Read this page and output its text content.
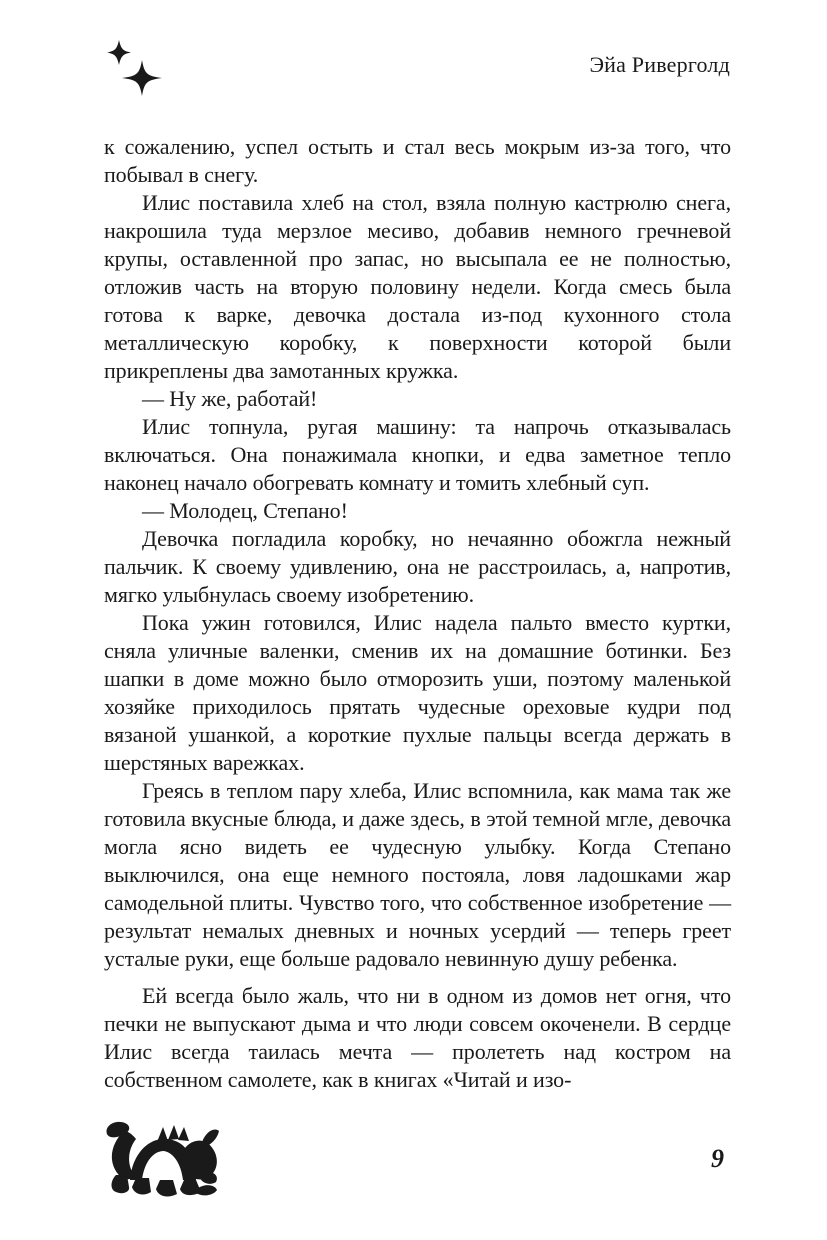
Эйа Риверголд

к сожалению, успел остыть и стал весь мокрым из-за того, что побывал в снегу.

Илис поставила хлеб на стол, взяла полную кастрюлю снега, накрошила туда мерзлое месиво, добавив немного гречневой крупы, оставленной про запас, но высыпала ее не полностью, отложив часть на вторую половину недели. Когда смесь была готова к варке, девочка достала из-под кухонного стола металлическую коробку, к поверхности которой были прикреплены два замотанных кружка.

— Ну же, работай!

Илис топнула, ругая машину: та напрочь отказывалась включаться. Она понажимала кнопки, и едва заметное тепло наконец начало обогревать комнату и томить хлебный суп.

— Молодец, Степано!

Девочка погладила коробку, но нечаянно обожгла нежный пальчик. К своему удивлению, она не расстроилась, а, напротив, мягко улыбнулась своему изобретению.

Пока ужин готовился, Илис надела пальто вместо куртки, сняла уличные валенки, сменив их на домашние ботинки. Без шапки в доме можно было отморозить уши, поэтому маленькой хозяйке приходилось прятать чудесные ореховые кудри под вязаной ушанкой, а короткие пухлые пальцы всегда держать в шерстяных варежках.

Греясь в теплом пару хлеба, Илис вспомнила, как мама так же готовила вкусные блюда, и даже здесь, в этой темной мгле, девочка могла ясно видеть ее чудесную улыбку. Когда Степано выключился, она еще немного постояла, ловя ладошками жар самодельной плиты. Чувство того, что собственное изобретение — результат немалых дневных и ночных усердий — теперь греет усталые руки, еще больше радовало невинную душу ребенка.

Ей всегда было жаль, что ни в одном из домов нет огня, что печки не выпускают дыма и что люди совсем окоченели. В сердце Илис всегда таилась мечта — пролететь над костром на собственном самолете, как в книгах «Читай и изо-

9
